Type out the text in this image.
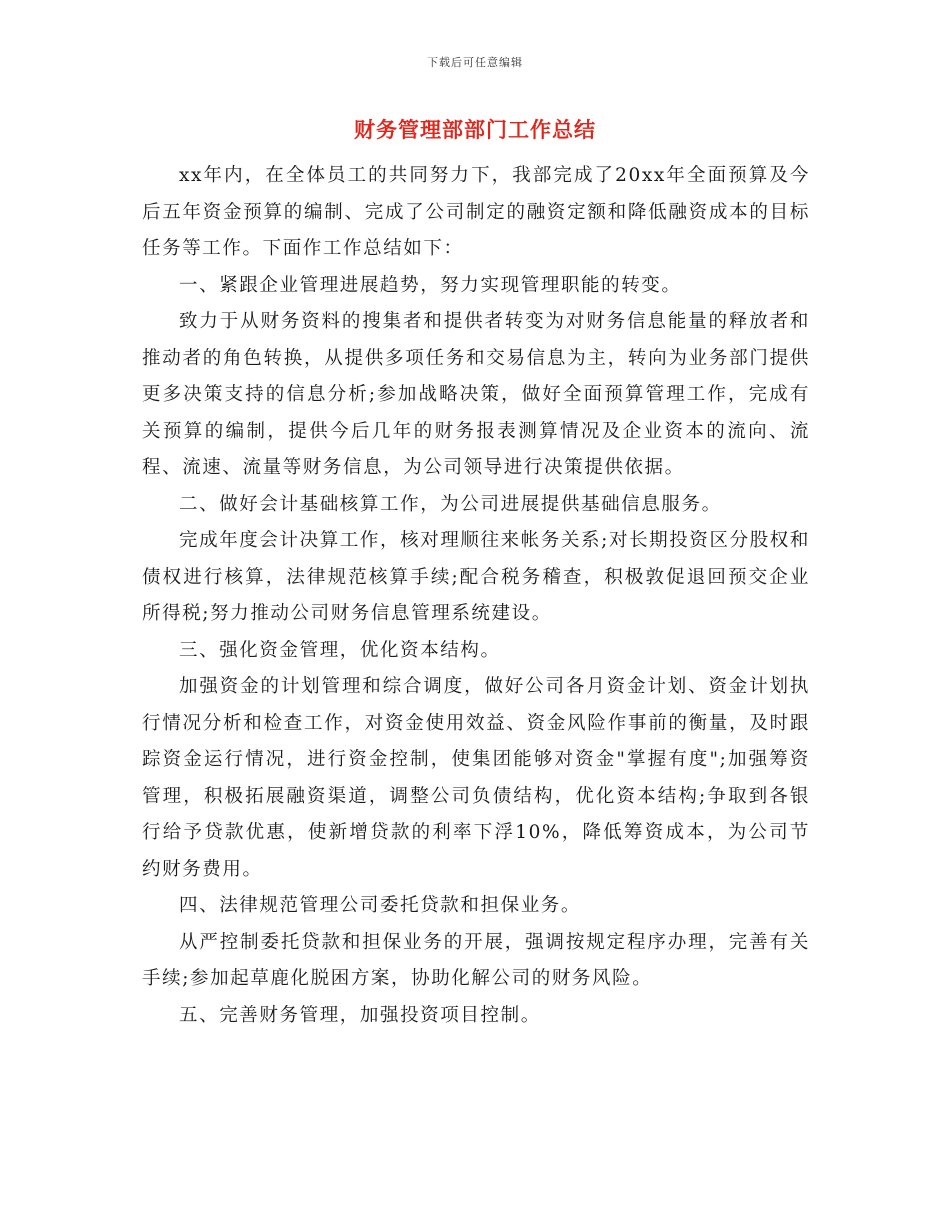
下载后可任意编辑
财务管理部部门工作总结

xx年内，在全体员工的共同努力下，我部完成了20xx年全面预算及今后五年资金预算的编制、完成了公司制定的融资定额和降低融资成本的目标任务等工作。下面作工作总结如下：

一、紧跟企业管理进展趋势，努力实现管理职能的转变。

致力于从财务资料的搜集者和提供者转变为对财务信息能量的释放者和推动者的角色转换，从提供多项任务和交易信息为主，转向为业务部门提供更多决策支持的信息分析;参加战略决策，做好全面预算管理工作，完成有关预算的编制，提供今后几年的财务报表测算情况及企业资本的流向、流程、流速、流量等财务信息，为公司领导进行决策提供依据。

二、做好会计基础核算工作，为公司进展提供基础信息服务。

完成年度会计决算工作，核对理顺往来帐务关系;对长期投资区分股权和债权进行核算，法律规范核算手续;配合税务稽查，积极敦促退回预交企业所得税;努力推动公司财务信息管理系统建设。

三、强化资金管理，优化资本结构。

加强资金的计划管理和综合调度，做好公司各月资金计划、资金计划执行情况分析和检查工作，对资金使用效益、资金风险作事前的衡量，及时跟踪资金运行情况，进行资金控制，使集团能够对资金"掌握有度";加强筹资管理，积极拓展融资渠道，调整公司负债结构，优化资本结构;争取到各银行给予贷款优惠，使新增贷款的利率下浮10%，降低筹资成本，为公司节约财务费用。

四、法律规范管理公司委托贷款和担保业务。

从严控制委托贷款和担保业务的开展，强调按规定程序办理，完善有关手续;参加起草鹿化脱困方案，协助化解公司的财务风险。

五、完善财务管理，加强投资项目控制。
